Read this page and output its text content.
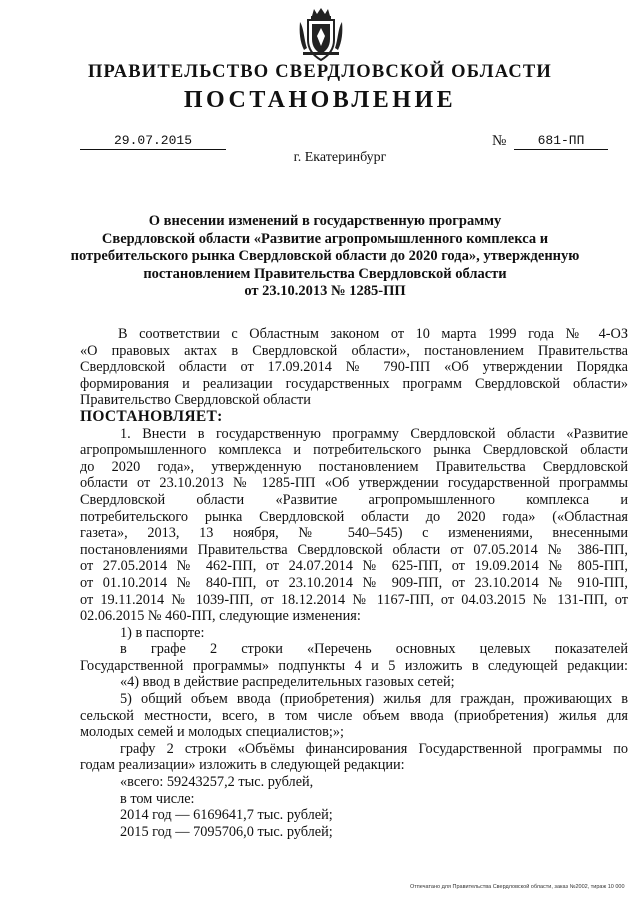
ПРАВИТЕЛЬСТВО СВЕРДЛОВСКОЙ ОБЛАСТИ
ПОСТАНОВЛЕНИЕ
29.07.2015	№	681-ПП
г. Екатеринбург
О внесении изменений в государственную программу
Свердловской области «Развитие агропромышленного комплекса и
потребительского рынка Свердловской области до 2020 года», утвержденную
постановлением Правительства Свердловской области
от 23.10.2013 № 1285-ПП
В соответствии с Областным законом от 10 марта 1999 года № 4-ОЗ
«О правовых актах в Свердловской области», постановлением Правительства
Свердловской области от 17.09.2014 № 790-ПП «Об утверждении Порядка
формирования и реализации государственных программ Свердловской области»
Правительство Свердловской области
ПОСТАНОВЛЯЕТ:
1. Внести в государственную программу Свердловской области «Развитие
агропромышленного комплекса и потребительского рынка Свердловской области
до 2020 года», утвержденную постановлением Правительства Свердловской
области от 23.10.2013 № 1285-ПП «Об утверждении государственной программы
Свердловской области «Развитие агропромышленного комплекса и
потребительского рынка Свердловской области до 2020 года» («Областная
газета», 2013, 13 ноября, № 540–545) с изменениями, внесенными
постановлениями Правительства Свердловской области от 07.05.2014 № 386-ПП,
от 27.05.2014 № 462-ПП, от 24.07.2014 № 625-ПП, от 19.09.2014 № 805-ПП,
от 01.10.2014 № 840-ПП, от 23.10.2014 № 909-ПП, от 23.10.2014 № 910-ПП,
от 19.11.2014 № 1039-ПП, от 18.12.2014 № 1167-ПП, от 04.03.2015 № 131-ПП, от
02.06.2015 № 460-ПП, следующие изменения:
1) в паспорте:
в графе 2 строки «Перечень основных целевых показателей
Государственной программы» подпункты 4 и 5 изложить в следующей редакции:
«4) ввод в действие распределительных газовых сетей;
5) общий объем ввода (приобретения) жилья для граждан, проживающих в
сельской местности, всего, в том числе объем ввода (приобретения) жилья для
молодых семей и молодых специалистов;»;
графу 2 строки «Объёмы финансирования Государственной программы по
годам реализации» изложить в следующей редакции:
«всего: 59243257,2 тыс. рублей,
в том числе:
2014 год — 6169641,7 тыс. рублей;
2015 год — 7095706,0 тыс. рублей;
Отпечатано для Правительства Свердловской области, заказ №2002, тираж 10 000
